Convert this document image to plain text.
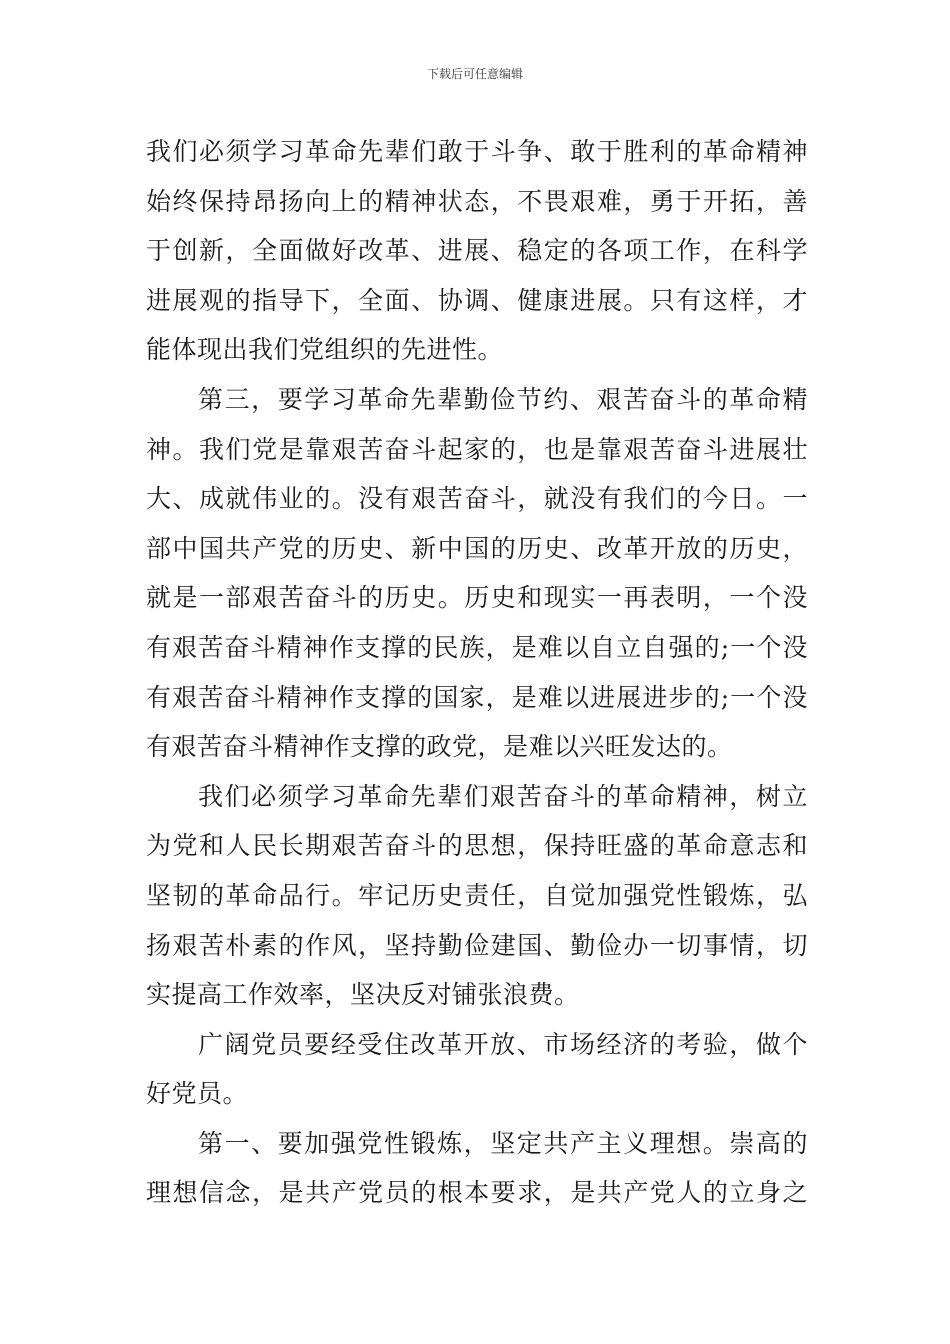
下载后可任意编辑
我们必须学习革命先辈们敢于斗争、敢于胜利的革命精神
始终保持昂扬向上的精神状态，不畏艰难，勇于开拓，善
于创新，全面做好改革、进展、稳定的各项工作，在科学
进展观的指导下，全面、协调、健康进展。只有这样，才
能体现出我们党组织的先进性。
第三，要学习革命先辈勤俭节约、艰苦奋斗的革命精
神。我们党是靠艰苦奋斗起家的，也是靠艰苦奋斗进展壮
大、成就伟业的。没有艰苦奋斗，就没有我们的今日。一
部中国共产党的历史、新中国的历史、改革开放的历史，
就是一部艰苦奋斗的历史。历史和现实一再表明，一个没
有艰苦奋斗精神作支撑的民族，是难以自立自强的;一个没
有艰苦奋斗精神作支撑的国家，是难以进展进步的;一个没
有艰苦奋斗精神作支撑的政党，是难以兴旺发达的。
我们必须学习革命先辈们艰苦奋斗的革命精神，树立
为党和人民长期艰苦奋斗的思想，保持旺盛的革命意志和
坚韧的革命品行。牢记历史责任，自觉加强党性锻炼，弘
扬艰苦朴素的作风，坚持勤俭建国、勤俭办一切事情，切
实提高工作效率，坚决反对铺张浪费。
广阔党员要经受住改革开放、市场经济的考验，做个
好党员。
第一、要加强党性锻炼，坚定共产主义理想。崇高的
理想信念，是共产党员的根本要求，是共产党人的立身之
